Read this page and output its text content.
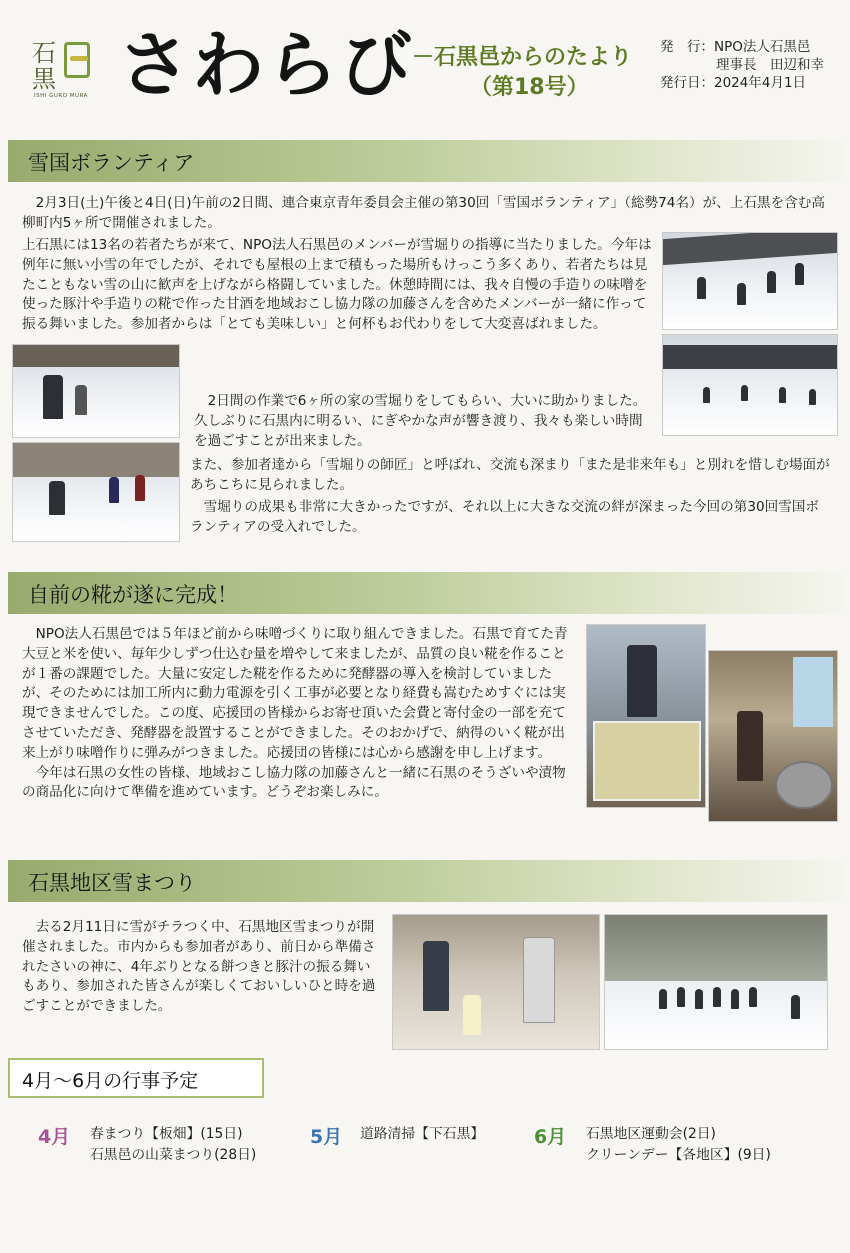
石
黒
ISHI GURO MURA さわらび
－石黒邑からのたより
（第18号）
発　行：NPO法人石黒邑
理事長　田辺和幸
発行日：2024年4月1日
雪国ボランティア

2月3日(土)午後と4日(日)午前の2日間、連合東京青年委員会主催の第30回「雪国ボランティア」（総勢74名）が、上石黒を含む高柳町内5ヶ所で開催されました。

上石黒には13名の若者たちが来て、NPO法人石黒邑のメンバーが雪堀りの指導に当たりました。今年は例年に無い小雪の年でしたが、それでも屋根の上まで積もった場所もけっこう多くあり、若者たちは見たこともない雪の山に歓声を上げながら格闘していました。休憩時間には、我々自慢の手造りの味噌を使った豚汁や手造りの糀で作った甘酒を地域おこし協力隊の加藤さんを含めたメンバーが一緒に作って振る舞いました。参加者からは「とても美味しい」と何杯もお代わりをして大変喜ばれました。

2日間の作業で6ヶ所の家の雪堀りをしてもらい、大いに助かりました。久しぶりに石黒内に明るい、にぎやかな声が響き渡り、我々も楽しい時間を過ごすことが出来ました。

また、参加者達から「雪堀りの師匠」と呼ばれ、交流も深まり「また是非来年も」と別れを惜しむ場面があちこちに見られました。

雪堀りの成果も非常に大きかったですが、それ以上に大きな交流の絆が深まった今回の第30回雪国ボランティアの受入れでした。

自前の糀が遂に完成！

NPO法人石黒邑では５年ほど前から味噌づくりに取り組んできました。石黒で育てた青大豆と米を使い、毎年少しずつ仕込む量を増やして来ましたが、品質の良い糀を作ることが１番の課題でした。大量に安定した糀を作るために発酵器の導入を検討していましたが、そのためには加工所内に動力電源を引く工事が必要となり経費も嵩むためすぐには実現できませんでした。この度、応援団の皆様からお寄せ頂いた会費と寄付金の一部を充てさせていただき、発酵器を設置することができました。そのおかげで、納得のいく糀が出来上がり味噌作りに弾みがつきました。応援団の皆様には心から感謝を申し上げます。

今年は石黒の女性の皆様、地域おこし協力隊の加藤さんと一緒に石黒のそうざいや漬物の商品化に向けて準備を進めています。どうぞお楽しみに。

石黒地区雪まつり

去る2月11日に雪がチラつく中、石黒地区雪まつりが開催されました。市内からも参加者があり、前日から準備されたさいの神に、4年ぶりとなる餅つきと豚汁の振る舞いもあり、参加された皆さんが楽しくておいしいひと時を過ごすことができました。

4月～6月の行事予定
4月 春まつり【板畑】(15日)
石黒邑の山菜まつり(28日)
5月 道路清掃【下石黒】	6月 石黒地区運動会(2日)
クリーンデー【各地区】(9日)
